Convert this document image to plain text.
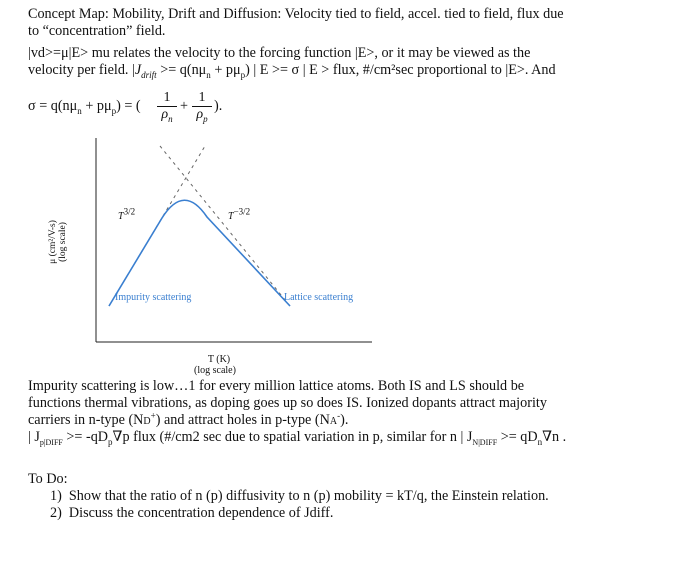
Concept Map: Mobility, Drift and Diffusion: Velocity tied to field, accel. tied to field, flux due
to “concentration” field.
|vd>=μ|E> mu relates the velocity to the forcing function |E>, or it may be viewed as the
velocity per field. $|J_{drift} >= q(n\mu_n + p\mu_p)$ | E >= σ | E > flux, #/cm²sec proportional to |E>. And
$\sigma = q(n\mu_n + p\mu_p)$ = ( $\frac{1}{\rho_n} + \frac{1}{\rho_p}$ ).
μ (cm²/V-s) (log scale)
$T^{3/2}$	$T^{-3/2}$
Impurity scattering	Lattice scattering
T (K)
(log scale)
Impurity scattering is low…1 for every million lattice atoms. Both IS and LS should be
functions thermal vibrations, as doping goes up so does IS. Ionized dopants attract majority
carriers in n-type (ND+) and attract holes in p-type (NA-).
| $J_{p|DIFF} >= -qD_p\nabla p$ flux (#/cm2 sec due to spatial variation in p, similar for n | $J_{N|DIFF} >= qD_n\nabla n$ .
To Do:
1) Show that the ratio of n (p) diffusivity to n (p) mobility = kT/q, the Einstein relation.
2) Discuss the concentration dependence of Jdiff.
